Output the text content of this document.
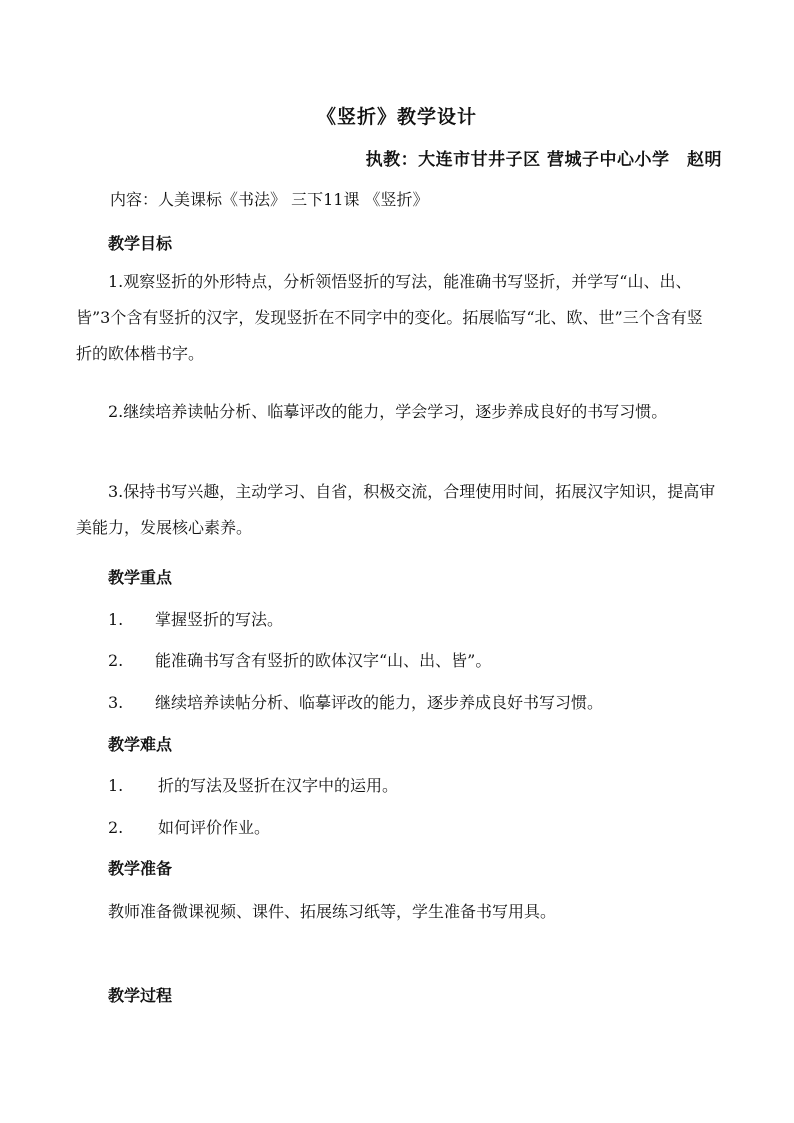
《竖折》教学设计
执教：大连市甘井子区 营城子中心小学　赵明
内容：人美课标《书法》 三下11课 《竖折》
教学目标
1.观察竖折的外形特点，分析领悟竖折的写法，能准确书写竖折，并学写“山、出、皆”3个含有竖折的汉字，发现竖折在不同字中的变化。拓展临写“北、欧、世”三个含有竖折的欧体楷书字。
2.继续培养读帖分析、临摹评改的能力，学会学习，逐步养成良好的书写习惯。
3.保持书写兴趣，主动学习、自省，积极交流，合理使用时间，拓展汉字知识，提高审美能力，发展核心素养。
教学重点
1. 掌握竖折的写法。
2. 能准确书写含有竖折的欧体汉字“山、出、皆”。
3. 继续培养读帖分析、临摹评改的能力，逐步养成良好书写习惯。
教学难点
1. 折的写法及竖折在汉字中的运用。
2. 如何评价作业。
教学准备
教师准备微课视频、课件、拓展练习纸等，学生准备书写用具。
教学过程
